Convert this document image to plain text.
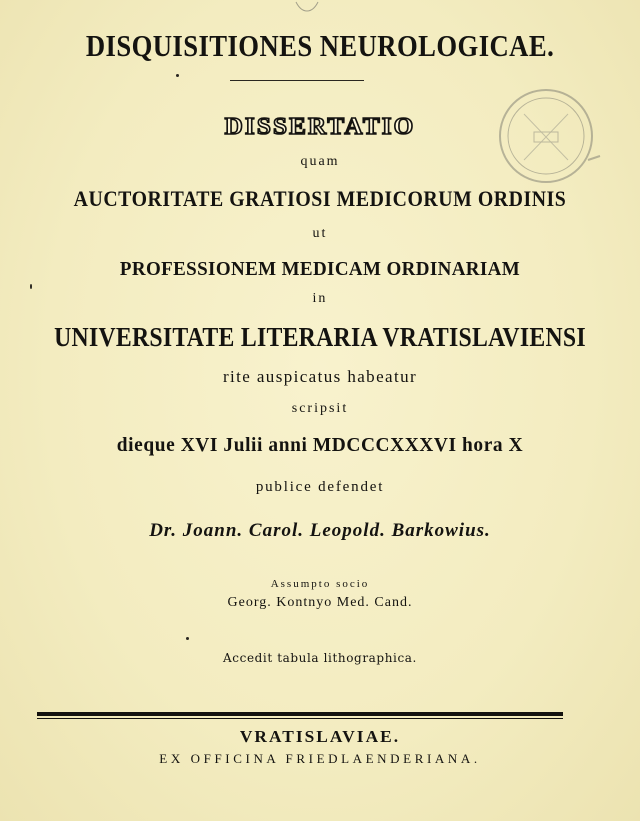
DISQUISITIONES NEUROLOGICAE.
DISSERTATIO
quam
AUCTORITATE GRATIOSI MEDICORUM ORDINIS
ut
PROFESSIONEM MEDICAM ORDINARIAM
in
UNIVERSITATE LITERARIA VRATISLAVIENSI
rite auspicatus habeatur
scripsit
dieque XVI Julii anni MDCCCXXXVI hora X
publice defendet
Dr. Joann. Carol. Leopold. Barkowius.
Assumpto socio
Georg. Kontnyo Med. Cand.
Accedit tabula lithographica.
VRATISLAVIAE.
EX OFFICINA FRIEDLAENDERIANA.
